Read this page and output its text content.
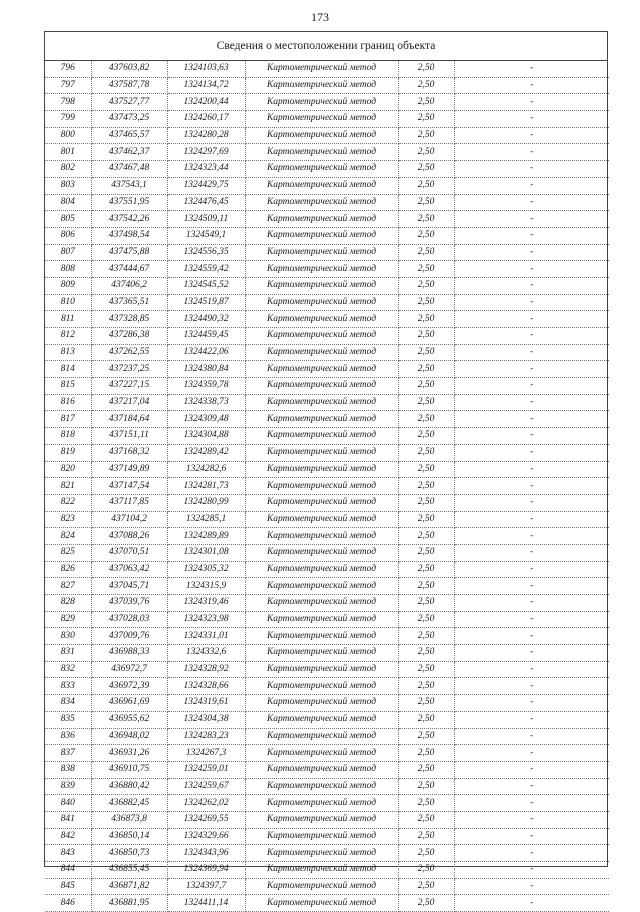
173
Сведения о местоположении границ объекта
796	437603,82	1324103,63	Картометрический метод	2,50	-
797	437587,78	1324134,72	Картометрический метод	2,50	-
798	437527,77	1324200,44	Картометрический метод	2,50	-
799	437473,25	1324260,17	Картометрический метод	2,50	-
800	437465,57	1324280,28	Картометрический метод	2,50	-
801	437462,37	1324297,69	Картометрический метод	2,50	-
802	437467,48	1324323,44	Картометрический метод	2,50	-
803	437543,1	1324429,75	Картометрический метод	2,50	-
804	437551,95	1324476,45	Картометрический метод	2,50	-
805	437542,26	1324509,11	Картометрический метод	2,50	-
806	437498,54	1324549,1	Картометрический метод	2,50	-
807	437475,88	1324556,35	Картометрический метод	2,50	-
808	437444,67	1324559,42	Картометрический метод	2,50	-
809	437406,2	1324545,52	Картометрический метод	2,50	-
810	437365,51	1324519,87	Картометрический метод	2,50	-
811	437328,85	1324490,32	Картометрический метод	2,50	-
812	437286,38	1324459,45	Картометрический метод	2,50	-
813	437262,55	1324422,06	Картометрический метод	2,50	-
814	437237,25	1324380,84	Картометрический метод	2,50	-
815	437227,15	1324359,78	Картометрический метод	2,50	-
816	437217,04	1324338,73	Картометрический метод	2,50	-
817	437184,64	1324309,48	Картометрический метод	2,50	-
818	437151,11	1324304,88	Картометрический метод	2,50	-
819	437168,32	1324289,42	Картометрический метод	2,50	-
820	437149,89	1324282,6	Картометрический метод	2,50	-
821	437147,54	1324281,73	Картометрический метод	2,50	-
822	437117,85	1324280,99	Картометрический метод	2,50	-
823	437104,2	1324285,1	Картометрический метод	2,50	-
824	437088,26	1324289,89	Картометрический метод	2,50	-
825	437070,51	1324301,08	Картометрический метод	2,50	-
826	437063,42	1324305,32	Картометрический метод	2,50	-
827	437045,71	1324315,9	Картометрический метод	2,50	-
828	437039,76	1324319,46	Картометрический метод	2,50	-
829	437028,03	1324323,98	Картометрический метод	2,50	-
830	437009,76	1324331,01	Картометрический метод	2,50	-
831	436988,33	1324332,6	Картометрический метод	2,50	-
832	436972,7	1324328,92	Картометрический метод	2,50	-
833	436972,39	1324328,66	Картометрический метод	2,50	-
834	436961,69	1324319,61	Картометрический метод	2,50	-
835	436955,62	1324304,38	Картометрический метод	2,50	-
836	436948,02	1324283,23	Картометрический метод	2,50	-
837	436931,26	1324267,3	Картометрический метод	2,50	-
838	436910,75	1324259,01	Картометрический метод	2,50	-
839	436880,42	1324259,67	Картометрический метод	2,50	-
840	436882,45	1324262,02	Картометрический метод	2,50	-
841	436873,8	1324269,55	Картометрический метод	2,50	-
842	436850,14	1324329,66	Картометрический метод	2,50	-
843	436850,73	1324343,96	Картометрический метод	2,50	-
844	436855,45	1324369,94	Картометрический метод	2,50	-
845	436871,82	1324397,7	Картометрический метод	2,50	-
846	436881,95	1324411,14	Картометрический метод	2,50	-
